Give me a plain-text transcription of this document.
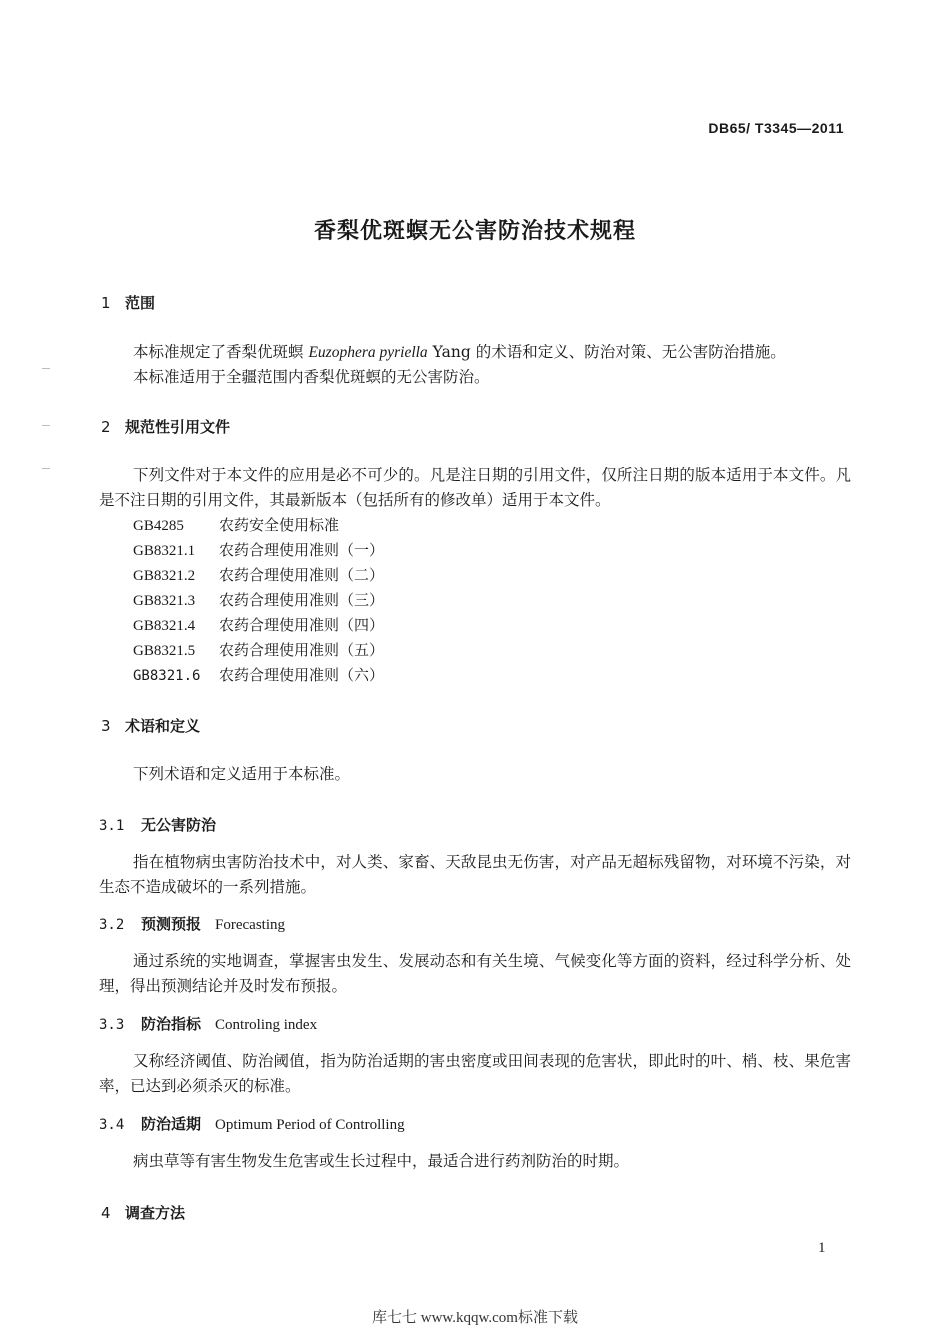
DB65/ T3345—2011
香梨优斑螟无公害防治技术规程
1 范围
本标准规定了香梨优斑螟 Euzophera pyriella Yang 的术语和定义、防治对策、无公害防治措施。
本标准适用于全疆范围内香梨优斑螟的无公害防治。
2 规范性引用文件
下列文件对于本文件的应用是必不可少的。凡是注日期的引用文件，仅所注日期的版本适用于本文件。凡是不注日期的引用文件，其最新版本（包括所有的修改单）适用于本文件。
GB4285 农药安全使用标准
GB8321.1 农药合理使用准则（一）
GB8321.2 农药合理使用准则（二）
GB8321.3 农药合理使用准则（三）
GB8321.4 农药合理使用准则（四）
GB8321.5 农药合理使用准则（五）
GB8321.6 农药合理使用准则（六）
3 术语和定义
下列术语和定义适用于本标准。
3.1 无公害防治
指在植物病虫害防治技术中，对人类、家畜、天敌昆虫无伤害，对产品无超标残留物，对环境不污染，对生态不造成破坏的一系列措施。
3.2 预测预报 Forecasting
通过系统的实地调查，掌握害虫发生、发展动态和有关生境、气候变化等方面的资料，经过科学分析、处理，得出预测结论并及时发布预报。
3.3 防治指标 Controling index
又称经济阈值、防治阈值，指为防治适期的害虫密度或田间表现的危害状，即此时的叶、梢、枝、果危害率，已达到必须杀灭的标准。
3.4 防治适期 Optimum Period of Controlling
病虫草等有害生物发生危害或生长过程中，最适合进行药剂防治的时期。
4 调查方法
1
库七七 www.kqqw.com标准下载
